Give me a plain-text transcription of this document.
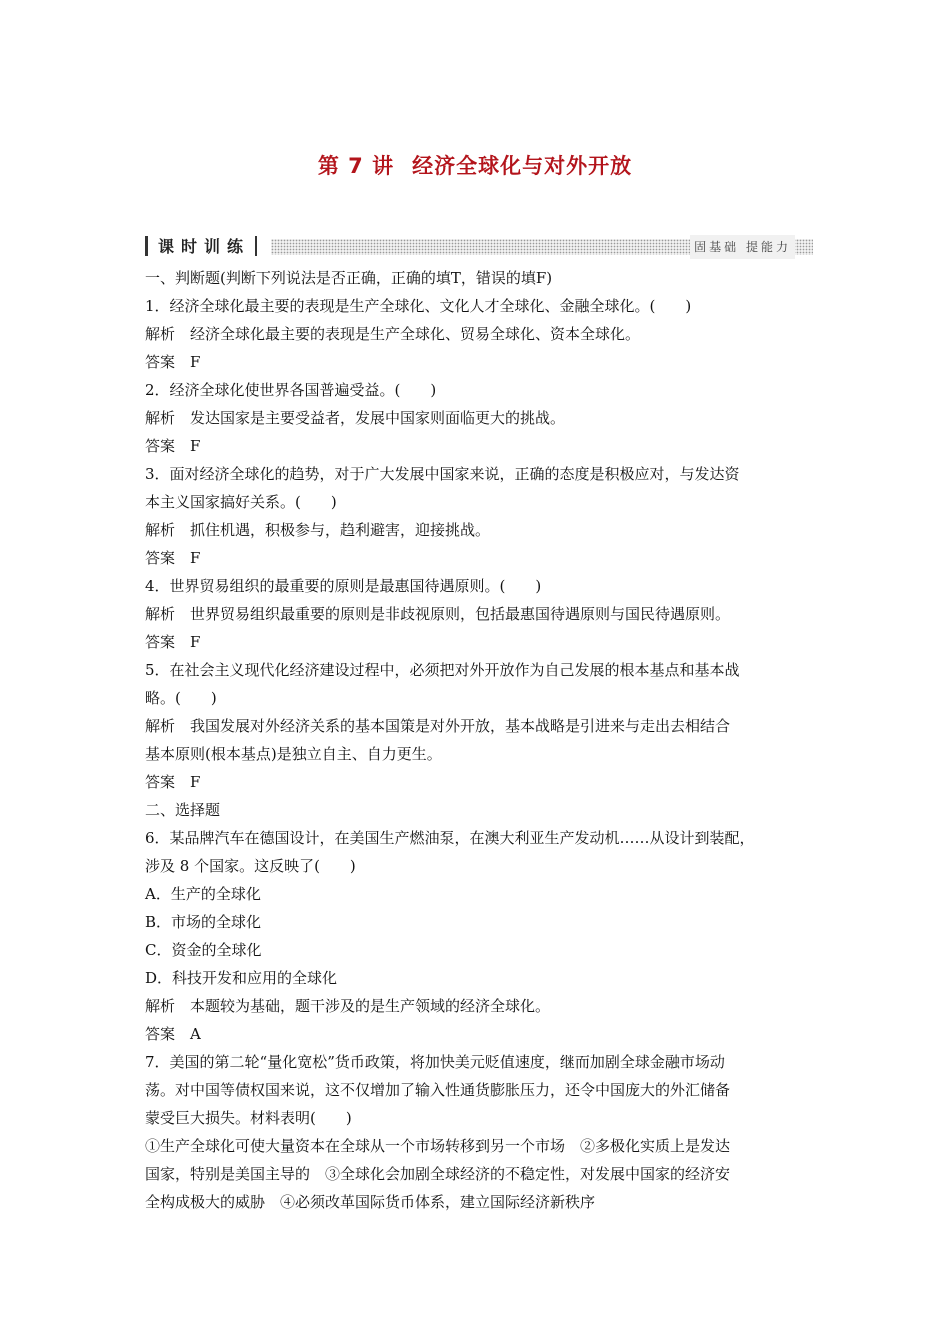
第 7 讲 经济全球化与对外开放
课时训练	固基础 提能力
一、判断题(判断下列说法是否正确，正确的填T，错误的填F)
1．经济全球化最主要的表现是生产全球化、文化人才全球化、金融全球化。(　　)
解析　经济全球化最主要的表现是生产全球化、贸易全球化、资本全球化。
答案　F
2．经济全球化使世界各国普遍受益。(　　)
解析　发达国家是主要受益者，发展中国家则面临更大的挑战。
答案　F
3．面对经济全球化的趋势，对于广大发展中国家来说，正确的态度是积极应对，与发达资
本主义国家搞好关系。(　　)
解析　抓住机遇，积极参与，趋利避害，迎接挑战。
答案　F
4．世界贸易组织的最重要的原则是最惠国待遇原则。(　　)
解析　世界贸易组织最重要的原则是非歧视原则，包括最惠国待遇原则与国民待遇原则。
答案　F
5．在社会主义现代化经济建设过程中，必须把对外开放作为自己发展的根本基点和基本战
略。(　　)
解析　我国发展对外经济关系的基本国策是对外开放，基本战略是引进来与走出去相结合
基本原则(根本基点)是独立自主、自力更生。
答案　F
二、选择题
6．某品牌汽车在德国设计，在美国生产燃油泵，在澳大利亚生产发动机……从设计到装配，
涉及 8 个国家。这反映了(　　)
A．生产的全球化
B．市场的全球化
C．资金的全球化
D．科技开发和应用的全球化
解析　本题较为基础，题干涉及的是生产领域的经济全球化。
答案　A
7．美国的第二轮“量化宽松”货币政策，将加快美元贬值速度，继而加剧全球金融市场动
荡。对中国等债权国来说，这不仅增加了输入性通货膨胀压力，还令中国庞大的外汇储备
蒙受巨大损失。材料表明(　　)
①生产全球化可使大量资本在全球从一个市场转移到另一个市场　②多极化实质上是发达
国家，特别是美国主导的　③全球化会加剧全球经济的不稳定性，对发展中国家的经济安
全构成极大的威胁　④必须改革国际货币体系，建立国际经济新秩序
